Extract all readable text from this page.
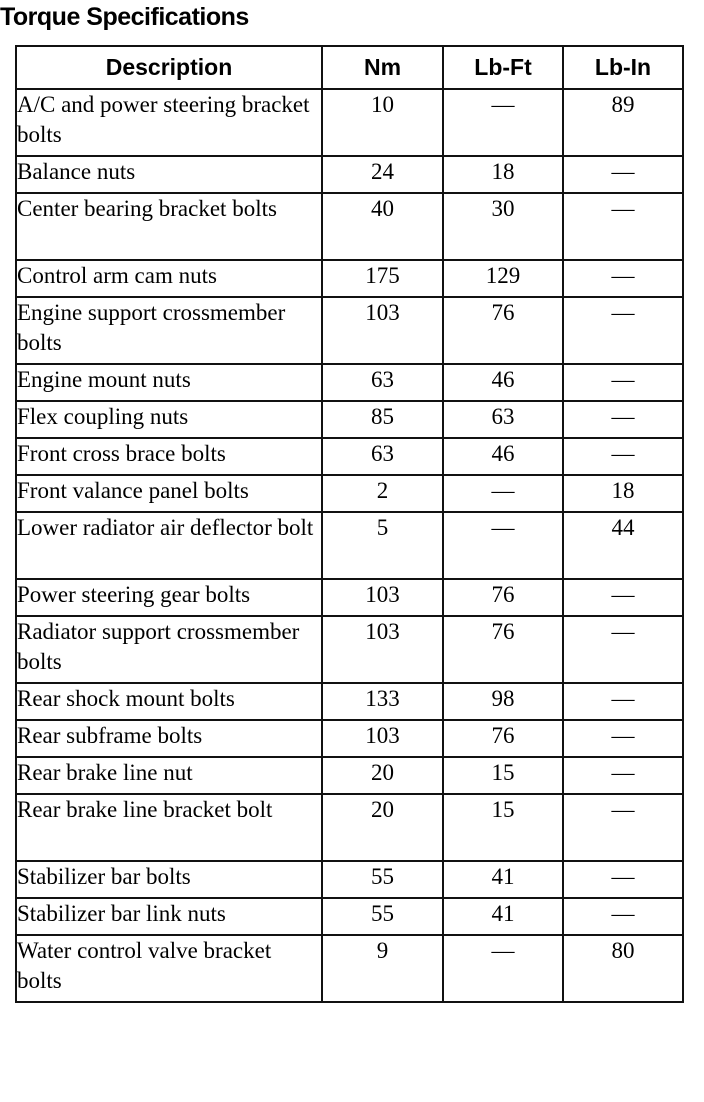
Torque Specifications
Description	Nm	Lb-Ft	Lb-In
A/C and power steering bracket bolts	10	—	89
Balance nuts	24	18	—
Center bearing bracket bolts	40	30	—
Control arm cam nuts	175	129	—
Engine support crossmember bolts	103	76	—
Engine mount nuts	63	46	—
Flex coupling nuts	85	63	—
Front cross brace bolts	63	46	—
Front valance panel bolts	2	—	18
Lower radiator air deflector bolt	5	—	44
Power steering gear bolts	103	76	—
Radiator support crossmember bolts	103	76	—
Rear shock mount bolts	133	98	—
Rear subframe bolts	103	76	—
Rear brake line nut	20	15	—
Rear brake line bracket bolt	20	15	—
Stabilizer bar bolts	55	41	—
Stabilizer bar link nuts	55	41	—
Water control valve bracket bolts	9	—	80
